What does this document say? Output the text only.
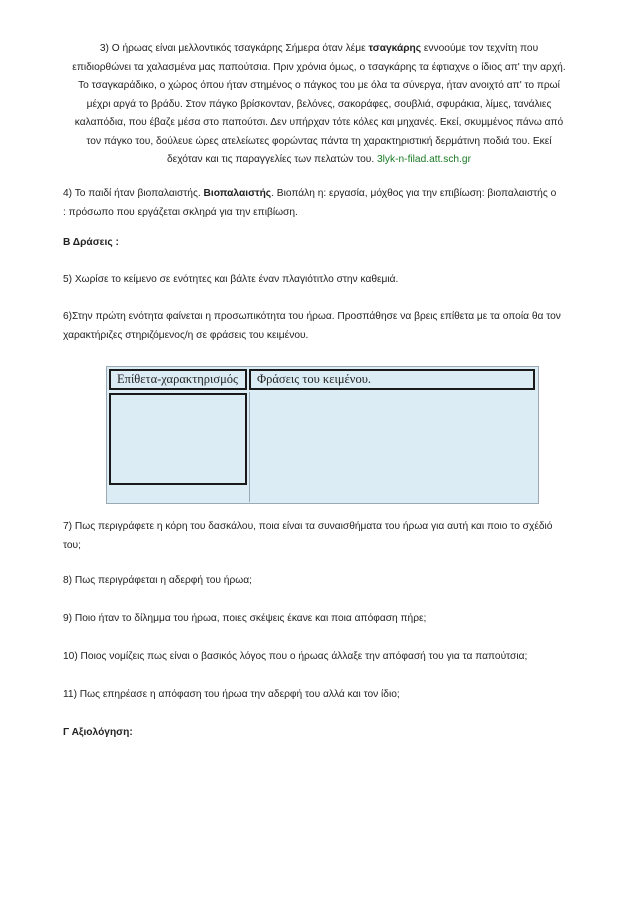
3) Ο ήρωας είναι μελλοντικός τσαγκάρης Σήμερα όταν λέμε τσαγκάρης εννοούμε τον τεχνίτη που
επιδιορθώνει τα χαλασμένα μας παπούτσια. Πριν χρόνια όμως, ο τσαγκάρης τα έφτιαχνε ο ίδιος απ' την αρχή.
Το τσαγκαράδικο, ο χώρος όπου ήταν στημένος ο πάγκος του με όλα τα σύνεργα, ήταν ανοιχτό απ' το πρωί
μέχρι αργά το βράδυ. Στον πάγκο βρίσκονταν, βελόνες, σακοράφες, σουβλιά, σφυράκια, λίμες, τανάλιες
καλαπόδια, που έβαζε μέσα στο παπούτσι. Δεν υπήρχαν τότε κόλες και μηχανές. Εκεί, σκυμμένος πάνω από
τον πάγκο του, δούλευε ώρες ατελείωτες φορώντας πάντα τη χαρακτηριστική δερμάτινη ποδιά του. Εκεί
δεχόταν και τις παραγγελίες των πελατών του. 3lyk-n-filad.att.sch.gr
4) Το παιδί ήταν βιοπαλαιστής. Βιοπαλαιστής. Βιοπάλη η: εργασία, μόχθος για την επιβίωση: βιοπαλαιστής ο
: πρόσωπο που εργάζεται σκληρά για την επιβίωση.
Β Δράσεις :
5) Χωρίσε το κείμενο σε ενότητες και βάλτε έναν πλαγιότιτλο στην καθεμιά.
6)Στην πρώτη ενότητα φαίνεται η προσωπικότητα του ήρωα. Προσπάθησε να βρεις επίθετα με τα οποία θα τον
χαρακτήριζες στηριζόμενος/η σε φράσεις του κειμένου.
Επίθετα-χαρακτηρισμός	Φράσεις του κειμένου.
7) Πως περιγράφετε η κόρη του δασκάλου, ποια είναι τα συναισθήματα του ήρωα για αυτή και ποιο το σχέδιό
του;
8) Πως περιγράφεται η αδερφή του ήρωα;
9) Ποιο ήταν το δίλημμα του ήρωα, ποιες σκέψεις έκανε και ποια απόφαση πήρε;
10) Ποιος νομίζεις πως είναι ο βασικός λόγος που ο ήρωας άλλαξε την απόφασή του για τα παπούτσια;
11) Πως επηρέασε η απόφαση του ήρωα την αδερφή του αλλά και τον ίδιο;
Γ Αξιολόγηση:
